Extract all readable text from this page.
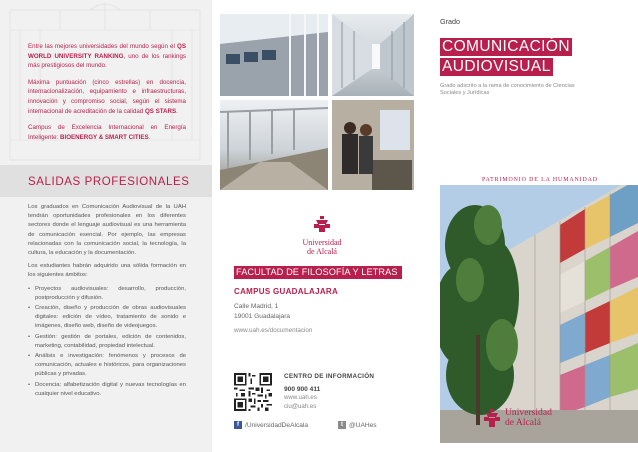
Entre las mejores universidades del mundo según el QS WORLD UNIVERSITY RANKING, uno de los rankings más prestigiosos del mundo.

Máxima puntuación (cinco estrellas) en docencia, internacionalización, equipamiento e infraestructuras, innovación y compromiso social, según el sistema internacional de acreditación de la calidad QS STARS.

Campus de Excelencia Internacional en Energía Inteligente: BIOENERGY & SMART CITIES.

SALIDAS PROFESIONALES

Los graduados en Comunicación Audiovisual de la UAH tendrán oportunidades profesionales en los diferentes sectores donde el lenguaje audiovisual es una herramienta de comunicación esencial. Por ejemplo, las empresas relacionadas con la comunicación social, la tecnología, la cultura, la educación y la documentación.

Los estudiantes habrán adquirido una sólida formación en los siguientes ámbitos:

• Proyectos audiovisuales: desarrollo, producción, postproducción y difusión.
• Creación, diseño y producción de obras audiovisuales digitales: edición de vídeo, tratamiento de sonido e imágenes, diseño web, diseño de videojuegos.
• Gestión: gestión de portales, edición de contenidos, marketing, contabilidad, propiedad intelectual.
• Análisis e investigación: fenómenos y procesos de comunicación, actuales e históricos, para organizaciones públicas y privadas.
• Docencia: alfabetización digital y nuevas tecnologías en cualquier nivel educativo.
Universidad
de Alcalá
FACULTAD DE FILOSOFÍA Y LETRAS
CAMPUS GUADALAJARA
Calle Madrid, 1
19001 Guadalajara
www.uah.es/documentacion
CENTRO DE INFORMACIÓN
900 900 411
www.uah.es
ciu@uah.es
f /UniversidadDeAlcala	t @UAHes
Grado
COMUNICACIÓN
AUDIOVISUAL
Grado adscrito a la rama de conocimiento de Ciencias Sociales y Jurídicas
PATRIMONIO DE LA HUMANIDAD
Universidad
de Alcalá
